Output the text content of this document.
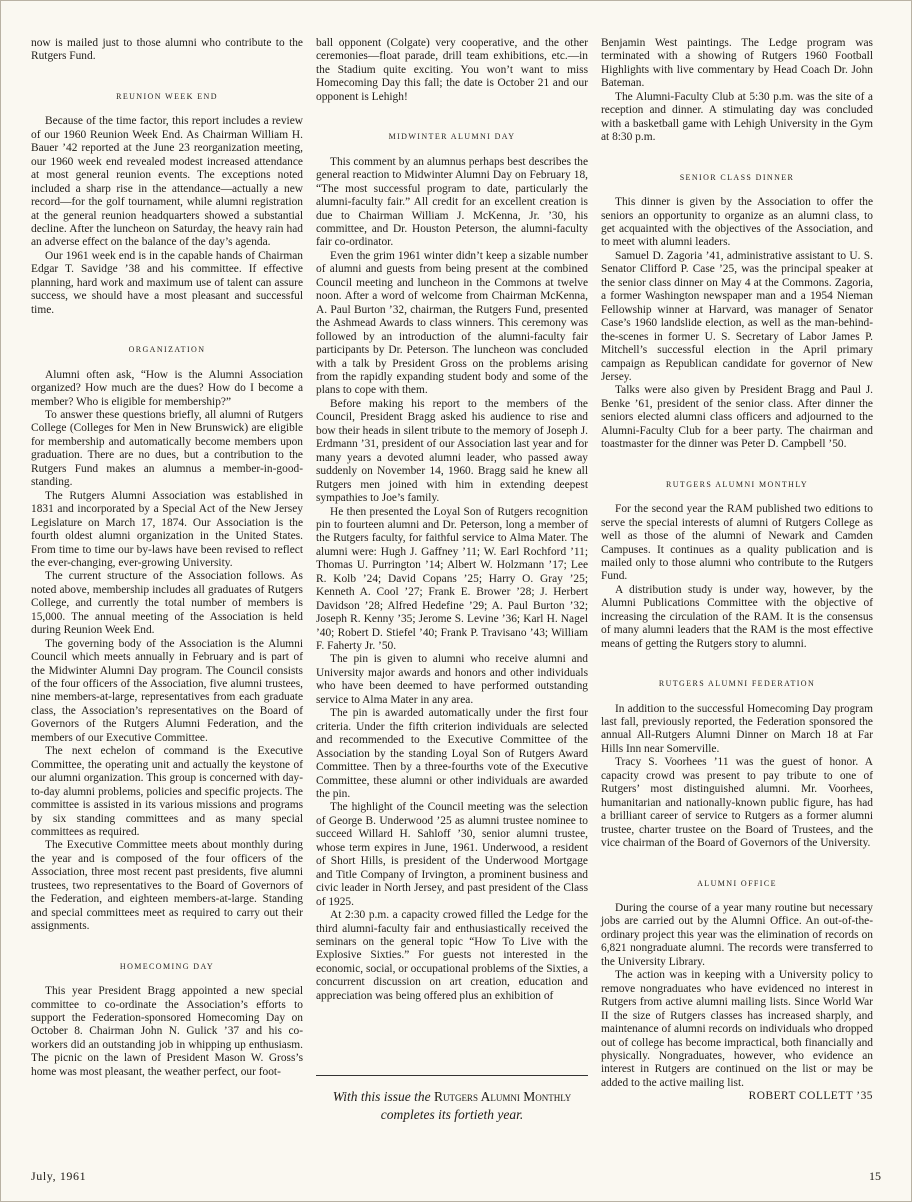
now is mailed just to those alumni who contribute to the Rutgers Fund.

REUNION WEEK END

Because of the time factor, this report includes a review of our 1960 Reunion Week End. As Chairman William H. Bauer ’42 reported at the June 23 reorganization meeting, our 1960 week end revealed modest increased attendance at most general reunion events. The exceptions noted included a sharp rise in the attendance—actually a new record—for the golf tournament, while alumni registration at the general reunion headquarters showed a substantial decline. After the luncheon on Saturday, the heavy rain had an adverse effect on the balance of the day’s agenda.

Our 1961 week end is in the capable hands of Chairman Edgar T. Savidge ’38 and his committee. If effective planning, hard work and maximum use of talent can assure success, we should have a most pleasant and successful time.

ORGANIZATION

Alumni often ask, “How is the Alumni Association organized? How much are the dues? How do I become a member? Who is eligible for membership?”

To answer these questions briefly, all alumni of Rutgers College (Colleges for Men in New Brunswick) are eligible for membership and automatically become members upon graduation. There are no dues, but a contribution to the Rutgers Fund makes an alumnus a member-in-good-standing.

The Rutgers Alumni Association was established in 1831 and incorporated by a Special Act of the New Jersey Legislature on March 17, 1874. Our Association is the fourth oldest alumni organization in the United States. From time to time our by-laws have been revised to reflect the ever-changing, ever-growing University.

The current structure of the Association follows. As noted above, membership includes all graduates of Rutgers College, and currently the total number of members is 15,000. The annual meeting of the Association is held during Reunion Week End.

The governing body of the Association is the Alumni Council which meets annually in February and is part of the Midwinter Alumni Day program. The Council consists of the four officers of the Association, five alumni trustees, nine members-at-large, representatives from each graduate class, the Association’s representatives on the Board of Governors of the Rutgers Alumni Federation, and the members of our Executive Committee.

The next echelon of command is the Executive Committee, the operating unit and actually the keystone of our alumni organization. This group is concerned with day-to-day alumni problems, policies and specific projects. The committee is assisted in its various missions and programs by six standing committees and as many special committees as required.

The Executive Committee meets about monthly during the year and is composed of the four officers of the Association, three most recent past presidents, five alumni trustees, two representatives to the Board of Governors of the Federation, and eighteen members-at-large. Standing and special committees meet as required to carry out their assignments.

HOMECOMING DAY

This year President Bragg appointed a new special committee to co-ordinate the Association’s efforts to support the Federation-sponsored Homecoming Day on October 8. Chairman John N. Gulick ’37 and his co-workers did an outstanding job in whipping up enthusiasm. The picnic on the lawn of President Mason W. Gross’s home was most pleasant, the weather perfect, our foot-

ball opponent (Colgate) very cooperative, and the other ceremonies—float parade, drill team exhibitions, etc.—in the Stadium quite exciting. You won’t want to miss Homecoming Day this fall; the date is October 21 and our opponent is Lehigh!

MIDWINTER ALUMNI DAY

This comment by an alumnus perhaps best describes the general reaction to Midwinter Alumni Day on February 18, “The most successful program to date, particularly the alumni-faculty fair.” All credit for an excellent creation is due to Chairman William J. McKenna, Jr. ’30, his committee, and Dr. Houston Peterson, the alumni-faculty fair co-ordinator.

Even the grim 1961 winter didn’t keep a sizable number of alumni and guests from being present at the combined Council meeting and luncheon in the Commons at twelve noon. After a word of welcome from Chairman McKenna, A. Paul Burton ’32, chairman, the Rutgers Fund, presented the Ashmead Awards to class winners. This ceremony was followed by an introduction of the alumni-faculty fair participants by Dr. Peterson. The luncheon was concluded with a talk by President Gross on the problems arising from the rapidly expanding student body and some of the plans to cope with them.

Before making his report to the members of the Council, President Bragg asked his audience to rise and bow their heads in silent tribute to the memory of Joseph J. Erdmann ’31, president of our Association last year and for many years a devoted alumni leader, who passed away suddenly on November 14, 1960. Bragg said he knew all Rutgers men joined with him in extending deepest sympathies to Joe’s family.

He then presented the Loyal Son of Rutgers recognition pin to fourteen alumni and Dr. Peterson, long a member of the Rutgers faculty, for faithful service to Alma Mater. The alumni were: Hugh J. Gaffney ’11; W. Earl Rochford ’11; Thomas U. Purrington ’14; Albert W. Holzmann ’17; Lee R. Kolb ’24; David Copans ’25; Harry O. Gray ’25; Kenneth A. Cool ’27; Frank E. Brower ’28; J. Herbert Davidson ’28; Alfred Hedefine ’29; A. Paul Burton ’32; Joseph R. Kenny ’35; Jerome S. Levine ’36; Karl H. Nagel ’40; Robert D. Stiefel ’40; Frank P. Travisano ’43; William F. Faherty Jr. ’50.

The pin is given to alumni who receive alumni and University major awards and honors and other individuals who have been deemed to have performed outstanding service to Alma Mater in any area.

The pin is awarded automatically under the first four criteria. Under the fifth criterion individuals are selected and recommended to the Executive Committee of the Association by the standing Loyal Son of Rutgers Award Committee. Then by a three-fourths vote of the Executive Committee, these alumni or other individuals are awarded the pin.

The highlight of the Council meeting was the selection of George B. Underwood ’25 as alumni trustee nominee to succeed Willard H. Sahloff ’30, senior alumni trustee, whose term expires in June, 1961. Underwood, a resident of Short Hills, is president of the Underwood Mortgage and Title Company of Irvington, a prominent business and civic leader in North Jersey, and past president of the Class of 1925.

At 2:30 p.m. a capacity crowed filled the Ledge for the third alumni-faculty fair and enthusiastically received the seminars on the general topic “How To Live with the Explosive Sixties.” For guests not interested in the economic, social, or occupational problems of the Sixties, a concurrent discussion on art creation, education and appreciation was being offered plus an exhibition of

With this issue the Rutgers Alumni Monthly completes its fortieth year.

Benjamin West paintings. The Ledge program was terminated with a showing of Rutgers 1960 Football Highlights with live commentary by Head Coach Dr. John Bateman.

The Alumni-Faculty Club at 5:30 p.m. was the site of a reception and dinner. A stimulating day was concluded with a basketball game with Lehigh University in the Gym at 8:30 p.m.

SENIOR CLASS DINNER

This dinner is given by the Association to offer the seniors an opportunity to organize as an alumni class, to get acquainted with the objectives of the Association, and to meet with alumni leaders.

Samuel D. Zagoria ’41, administrative assistant to U. S. Senator Clifford P. Case ’25, was the principal speaker at the senior class dinner on May 4 at the Commons. Zagoria, a former Washington newspaper man and a 1954 Nieman Fellowship winner at Harvard, was manager of Senator Case’s 1960 landslide election, as well as the man-behind-the-scenes in former U. S. Secretary of Labor James P. Mitchell’s successful election in the April primary campaign as Republican candidate for governor of New Jersey.

Talks were also given by President Bragg and Paul J. Benke ’61, president of the senior class. After dinner the seniors elected alumni class officers and adjourned to the Alumni-Faculty Club for a beer party. The chairman and toastmaster for the dinner was Peter D. Campbell ’50.

RUTGERS ALUMNI MONTHLY

For the second year the RAM published two editions to serve the special interests of alumni of Rutgers College as well as those of the alumni of Newark and Camden Campuses. It continues as a quality publication and is mailed only to those alumni who contribute to the Rutgers Fund.

A distribution study is under way, however, by the Alumni Publications Committee with the objective of increasing the circulation of the RAM. It is the consensus of many alumni leaders that the RAM is the most effective means of getting the Rutgers story to alumni.

RUTGERS ALUMNI FEDERATION

In addition to the successful Homecoming Day program last fall, previously reported, the Federation sponsored the annual All-Rutgers Alumni Dinner on March 18 at Far Hills Inn near Somerville.

Tracy S. Voorhees ’11 was the guest of honor. A capacity crowd was present to pay tribute to one of Rutgers’ most distinguished alumni. Mr. Voorhees, humanitarian and nationally-known public figure, has had a brilliant career of service to Rutgers as a former alumni trustee, charter trustee on the Board of Trustees, and the vice chairman of the Board of Governors of the University.

ALUMNI OFFICE

During the course of a year many routine but necessary jobs are carried out by the Alumni Office. An out-of-the-ordinary project this year was the elimination of records on 6,821 nongraduate alumni. The records were transferred to the University Library.

The action was in keeping with a University policy to remove nongraduates who have evidenced no interest in Rutgers from active alumni mailing lists. Since World War II the size of Rutgers classes has increased sharply, and maintenance of alumni records on individuals who dropped out of college has become impractical, both financially and physically. Nongraduates, however, who evidence an interest in Rutgers are continued on the list or may be added to the active mailing list.

ROBERT COLLETT ’35

July, 1961	15
